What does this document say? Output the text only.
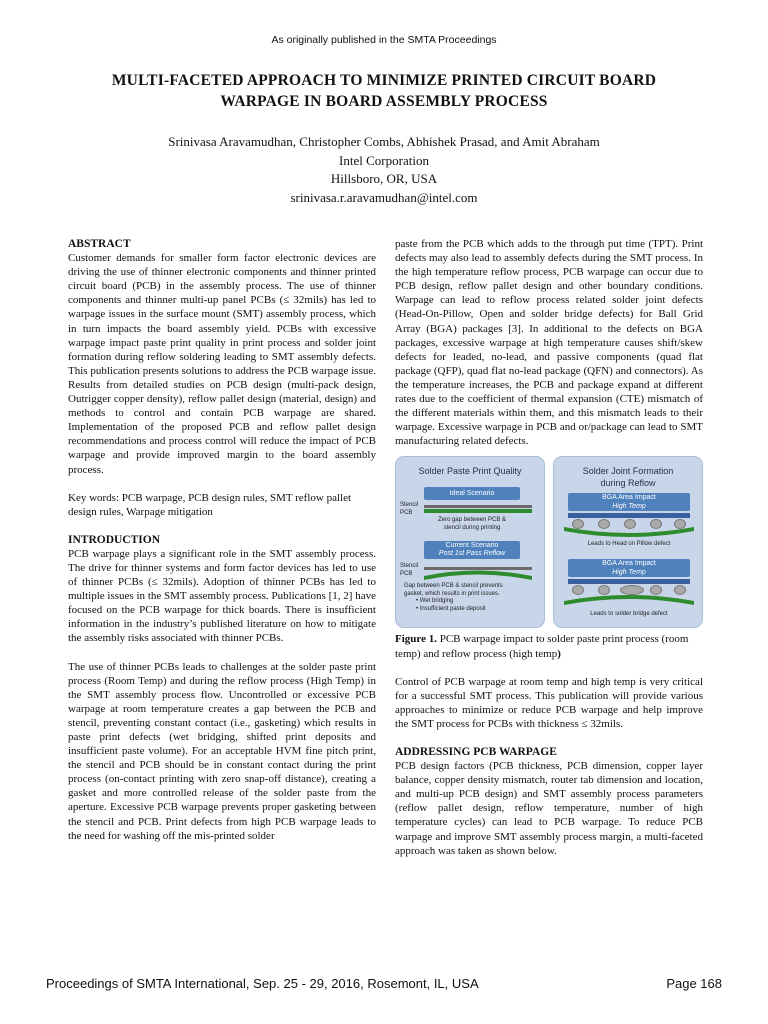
As originally published in the SMTA Proceedings
MULTI-FACETED APPROACH TO MINIMIZE PRINTED CIRCUIT BOARD
WARPAGE IN BOARD ASSEMBLY PROCESS
Srinivasa Aravamudhan, Christopher Combs, Abhishek Prasad, and Amit Abraham
Intel Corporation
Hillsboro, OR, USA
srinivasa.r.aravamudhan@intel.com

ABSTRACT

Customer demands for smaller form factor electronic devices are driving the use of thinner electronic components and thinner printed circuit board (PCB) in the assembly process. The use of thinner components and thinner multi-up panel PCBs (≤ 32mils) has led to warpage issues in the surface mount (SMT) assembly process, which in turn impacts the board assembly yield. PCBs with excessive warpage impact paste print quality in print process and solder joint formation during reflow soldering leading to SMT assembly defects. This publication presents solutions to address the PCB warpage issue. Results from detailed studies on PCB design (multi-pack design, Outrigger copper density), reflow pallet design (material, design) and methods to control and contain PCB warpage are shared. Implementation of the proposed PCB and reflow pallet design recommendations and process control will reduce the impact of PCB warpage and provide improved margin to the board assembly process.

Key words: PCB warpage, PCB design rules, SMT reflow pallet design rules, Warpage mitigation

INTRODUCTION

PCB warpage plays a significant role in the SMT assembly process. The drive for thinner systems and form factor devices has led to use of thinner PCBs (≤ 32mils). Adoption of thinner PCBs has led to multiple issues in the SMT assembly process. Publications [1, 2] have focused on the PCB warpage for thick boards. There is insufficient information in the industry’s published literature on how to mitigate the assembly risks associated with thinner PCBs.

The use of thinner PCBs leads to challenges at the solder paste print process (Room Temp) and during the reflow process (High Temp) in the SMT assembly process flow. Uncontrolled or excessive PCB warpage at room temperature creates a gap between the PCB and stencil, preventing constant contact (i.e., gasketing) which results in paste print defects (wet bridging, shifted print deposits and insufficient paste volume). For an acceptable HVM fine pitch print, the stencil and PCB should be in constant contact during the print process (on-contact printing with zero snap-off distance), creating a gasket and more controlled release of the solder paste from the aperture. Excessive PCB warpage prevents proper gasketing between the stencil and PCB. Print defects from high PCB warpage leads to the need for washing off the mis-printed solder

paste from the PCB which adds to the through put time (TPT). Print defects may also lead to assembly defects during the SMT process. In the high temperature reflow process, PCB warpage can occur due to PCB design, reflow pallet design and other boundary conditions. Warpage can lead to reflow process related solder joint defects (Head-On-Pillow, Open and solder bridge defects) for Ball Grid Array (BGA) packages [3]. In additional to the defects on BGA packages, excessive warpage at high temperature causes shift/skew defects for leaded, no-lead, and passive components (quad flat package (QFP), quad flat no-lead package (QFN) and connectors). As the temperature increases, the PCB and package expand at different rates due to the coefficient of thermal expansion (CTE) mismatch of the different materials within them, and this mismatch leads to their warpage. Excessive warpage in PCB and or/package can lead to SMT manufacturing related defects.

Solder Paste Print Quality
Ideal Scenario
Stencil
PCB
Zero gap between PCB &
stencil during printing
Current Scenario
Post 1st Pass Reflow
Stencil
PCB
Gap between PCB & stencil prevents
gasket, which results in print issues.
• Wet bridging
• Insufficient paste deposit
Solder Joint Formation
during Reflow
BGA Area Impact
High Temp
Leads to Head on Pillow defect
BGA Area Impact
High Temp
Leads to solder bridge defect

Figure 1. PCB warpage impact to solder paste print process (room temp) and reflow process (high temp)

Control of PCB warpage at room temp and high temp is very critical for a successful SMT process. This publication will provide various approaches to minimize or reduce PCB warpage and help improve the SMT process for PCBs with thickness ≤ 32mils.

ADDRESSING PCB WARPAGE

PCB design factors (PCB thickness, PCB dimension, copper layer balance, copper density mismatch, router tab dimension and location, and multi-up PCB design) and SMT assembly process parameters (reflow pallet design, reflow temperature, number of high temperature cycles) can lead to PCB warpage. To reduce PCB warpage and improve SMT assembly process margin, a multi-faceted approach was taken as shown below.

Proceedings of SMTA International, Sep. 25 - 29, 2016, Rosemont, IL, USA	Page 168
